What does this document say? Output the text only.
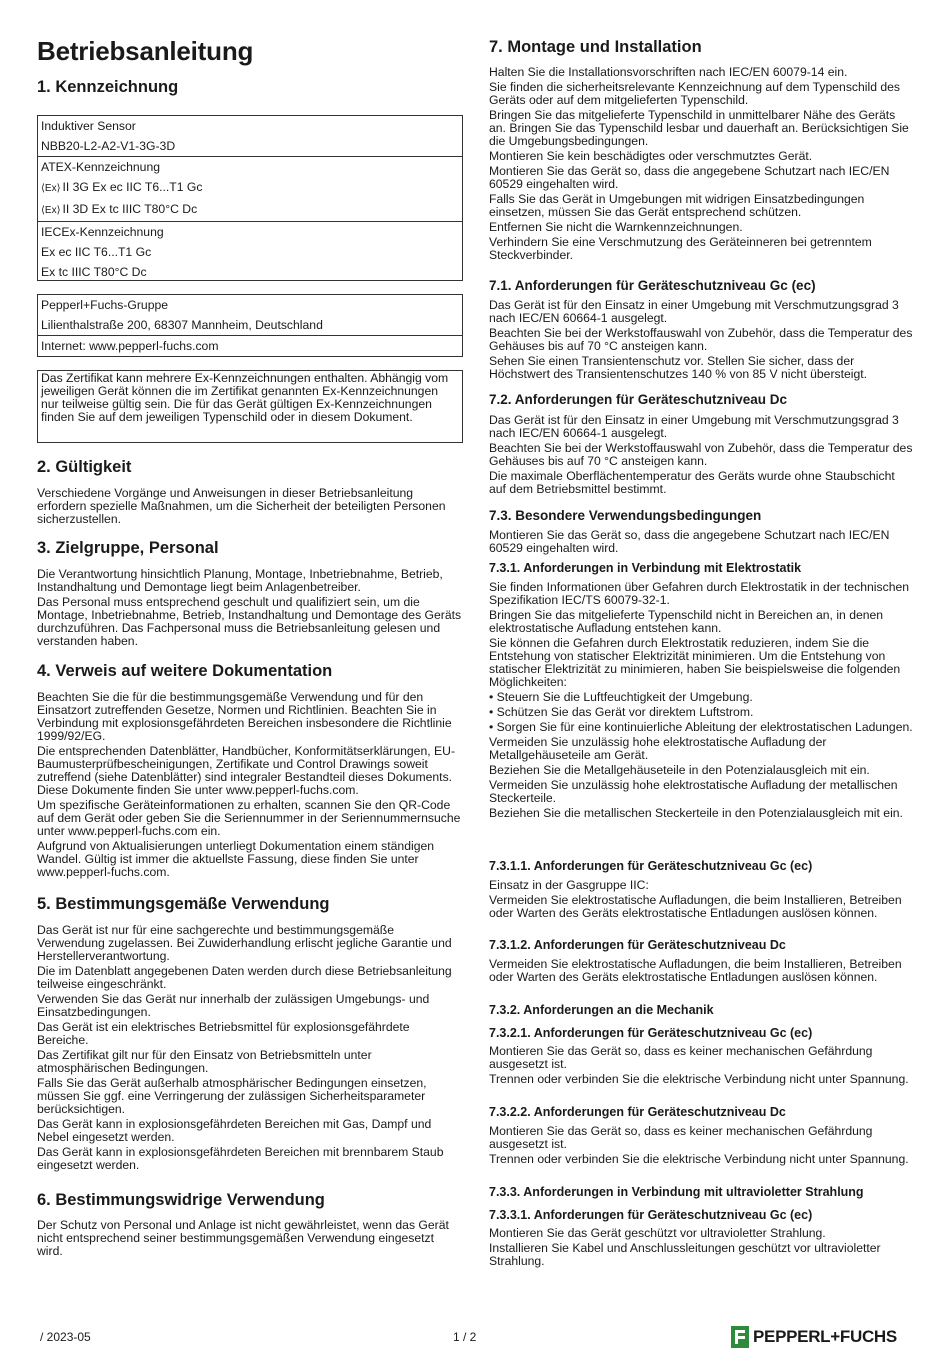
Betriebsanleitung
1. Kennzeichnung
Induktiver Sensor
NBB20-L2-A2-V1-3G-3D
ATEX-Kennzeichnung
⟨Ex⟩ II 3G Ex ec IIC T6...T1 Gc
⟨Ex⟩ II 3D Ex tc IIIC T80°C Dc
IECEx-Kennzeichnung
Ex ec IIC T6...T1 Gc
Ex tc IIIC T80°C Dc
Pepperl+Fuchs-Gruppe
Lilienthalstraße 200, 68307 Mannheim, Deutschland
Internet: www.pepperl-fuchs.com
Das Zertifikat kann mehrere Ex-Kennzeichnungen enthalten. Abhängig vom jeweiligen Gerät können die im Zertifikat genannten Ex-Kennzeichnungen nur teilweise gültig sein. Die für das Gerät gültigen Ex-Kennzeichnungen finden Sie auf dem jeweiligen Typenschild oder in diesem Dokument.
2. Gültigkeit

Verschiedene Vorgänge und Anweisungen in dieser Betriebsanleitung erfordern spezielle Maßnahmen, um die Sicherheit der beteiligten Personen sicherzustellen.

3. Zielgruppe, Personal

Die Verantwortung hinsichtlich Planung, Montage, Inbetriebnahme, Betrieb, Instandhaltung und Demontage liegt beim Anlagenbetreiber.

Das Personal muss entsprechend geschult und qualifiziert sein, um die Montage, Inbetriebnahme, Betrieb, Instandhaltung und Demontage des Geräts durchzuführen. Das Fachpersonal muss die Betriebsanleitung gelesen und verstanden haben.

4. Verweis auf weitere Dokumentation

Beachten Sie die für die bestimmungsgemäße Verwendung und für den Einsatzort zutreffenden Gesetze, Normen und Richtlinien. Beachten Sie in Verbindung mit explosionsgefährdeten Bereichen insbesondere die Richtlinie 1999/92/EG.

Die entsprechenden Datenblätter, Handbücher, Konformitätserklärungen, EU-Baumusterprüfbescheinigungen, Zertifikate und Control Drawings soweit zutreffend (siehe Datenblätter) sind integraler Bestandteil dieses Dokuments. Diese Dokumente finden Sie unter www.pepperl-fuchs.com.

Um spezifische Geräteinformationen zu erhalten, scannen Sie den QR-Code auf dem Gerät oder geben Sie die Seriennummer in der Seriennummernsuche unter www.pepperl-fuchs.com ein.

Aufgrund von Aktualisierungen unterliegt Dokumentation einem ständigen Wandel. Gültig ist immer die aktuellste Fassung, diese finden Sie unter www.pepperl-fuchs.com.

5. Bestimmungsgemäße Verwendung

Das Gerät ist nur für eine sachgerechte und bestimmungsgemäße Verwendung zugelassen. Bei Zuwiderhandlung erlischt jegliche Garantie und Herstellerverantwortung.

Die im Datenblatt angegebenen Daten werden durch diese Betriebsanleitung teilweise eingeschränkt.

Verwenden Sie das Gerät nur innerhalb der zulässigen Umgebungs- und Einsatzbedingungen.

Das Gerät ist ein elektrisches Betriebsmittel für explosionsgefährdete Bereiche.

Das Zertifikat gilt nur für den Einsatz von Betriebsmitteln unter atmosphärischen Bedingungen.

Falls Sie das Gerät außerhalb atmosphärischer Bedingungen einsetzen, müssen Sie ggf. eine Verringerung der zulässigen Sicherheitsparameter berücksichtigen.

Das Gerät kann in explosionsgefährdeten Bereichen mit Gas, Dampf und Nebel eingesetzt werden.

Das Gerät kann in explosionsgefährdeten Bereichen mit brennbarem Staub eingesetzt werden.

6. Bestimmungswidrige Verwendung

Der Schutz von Personal und Anlage ist nicht gewährleistet, wenn das Gerät nicht entsprechend seiner bestimmungsgemäßen Verwendung eingesetzt wird.

7. Montage und Installation

Halten Sie die Installationsvorschriften nach IEC/EN 60079-14 ein.

Sie finden die sicherheitsrelevante Kennzeichnung auf dem Typenschild des Geräts oder auf dem mitgelieferten Typenschild.

Bringen Sie das mitgelieferte Typenschild in unmittelbarer Nähe des Geräts an. Bringen Sie das Typenschild lesbar und dauerhaft an. Berücksichtigen Sie die Umgebungsbedingungen.

Montieren Sie kein beschädigtes oder verschmutztes Gerät.

Montieren Sie das Gerät so, dass die angegebene Schutzart nach IEC/EN 60529 eingehalten wird.

Falls Sie das Gerät in Umgebungen mit widrigen Einsatzbedingungen einsetzen, müssen Sie das Gerät entsprechend schützen.

Entfernen Sie nicht die Warnkennzeichnungen.

Verhindern Sie eine Verschmutzung des Geräteinneren bei getrenntem Steckverbinder.

7.1. Anforderungen für Geräteschutzniveau Gc (ec)

Das Gerät ist für den Einsatz in einer Umgebung mit Verschmutzungsgrad 3 nach IEC/EN 60664-1 ausgelegt.

Beachten Sie bei der Werkstoffauswahl von Zubehör, dass die Temperatur des Gehäuses bis auf 70 °C ansteigen kann.

Sehen Sie einen Transientenschutz vor. Stellen Sie sicher, dass der Höchstwert des Transientenschutzes 140 % von 85 V nicht übersteigt.

7.2. Anforderungen für Geräteschutzniveau Dc

Das Gerät ist für den Einsatz in einer Umgebung mit Verschmutzungsgrad 3 nach IEC/EN 60664-1 ausgelegt.

Beachten Sie bei der Werkstoffauswahl von Zubehör, dass die Temperatur des Gehäuses bis auf 70 °C ansteigen kann.

Die maximale Oberflächentemperatur des Geräts wurde ohne Staubschicht auf dem Betriebsmittel bestimmt.

7.3. Besondere Verwendungsbedingungen

Montieren Sie das Gerät so, dass die angegebene Schutzart nach IEC/EN 60529 eingehalten wird.

7.3.1. Anforderungen in Verbindung mit Elektrostatik

Sie finden Informationen über Gefahren durch Elektrostatik in der technischen Spezifikation IEC/TS 60079-32-1.

Bringen Sie das mitgelieferte Typenschild nicht in Bereichen an, in denen elektrostatische Aufladung entstehen kann.

Sie können die Gefahren durch Elektrostatik reduzieren, indem Sie die Entstehung von statischer Elektrizität minimieren. Um die Entstehung von statischer Elektrizität zu minimieren, haben Sie beispielsweise die folgenden Möglichkeiten:

• Steuern Sie die Luftfeuchtigkeit der Umgebung.

• Schützen Sie das Gerät vor direktem Luftstrom.

• Sorgen Sie für eine kontinuierliche Ableitung der elektrostatischen Ladungen.

Vermeiden Sie unzulässig hohe elektrostatische Aufladung der Metallgehäuseteile am Gerät.

Beziehen Sie die Metallgehäuseteile in den Potenzialausgleich mit ein.

Vermeiden Sie unzulässig hohe elektrostatische Aufladung der metallischen Steckerteile.

Beziehen Sie die metallischen Steckerteile in den Potenzialausgleich mit ein.

7.3.1.1. Anforderungen für Geräteschutzniveau Gc (ec)

Einsatz in der Gasgruppe IIC:

Vermeiden Sie elektrostatische Aufladungen, die beim Installieren, Betreiben oder Warten des Geräts elektrostatische Entladungen auslösen können.

7.3.1.2. Anforderungen für Geräteschutzniveau Dc

Vermeiden Sie elektrostatische Aufladungen, die beim Installieren, Betreiben oder Warten des Geräts elektrostatische Entladungen auslösen können.

7.3.2. Anforderungen an die Mechanik
7.3.2.1. Anforderungen für Geräteschutzniveau Gc (ec)

Montieren Sie das Gerät so, dass es keiner mechanischen Gefährdung ausgesetzt ist.

Trennen oder verbinden Sie die elektrische Verbindung nicht unter Spannung.

7.3.2.2. Anforderungen für Geräteschutzniveau Dc

Montieren Sie das Gerät so, dass es keiner mechanischen Gefährdung ausgesetzt ist.

Trennen oder verbinden Sie die elektrische Verbindung nicht unter Spannung.

7.3.3. Anforderungen in Verbindung mit ultravioletter Strahlung
7.3.3.1. Anforderungen für Geräteschutzniveau Gc (ec)

Montieren Sie das Gerät geschützt vor ultravioletter Strahlung.

Installieren Sie Kabel und Anschlussleitungen geschützt vor ultravioletter Strahlung.

/ 2023-05	1 / 2	PEPPERL+FUCHS
